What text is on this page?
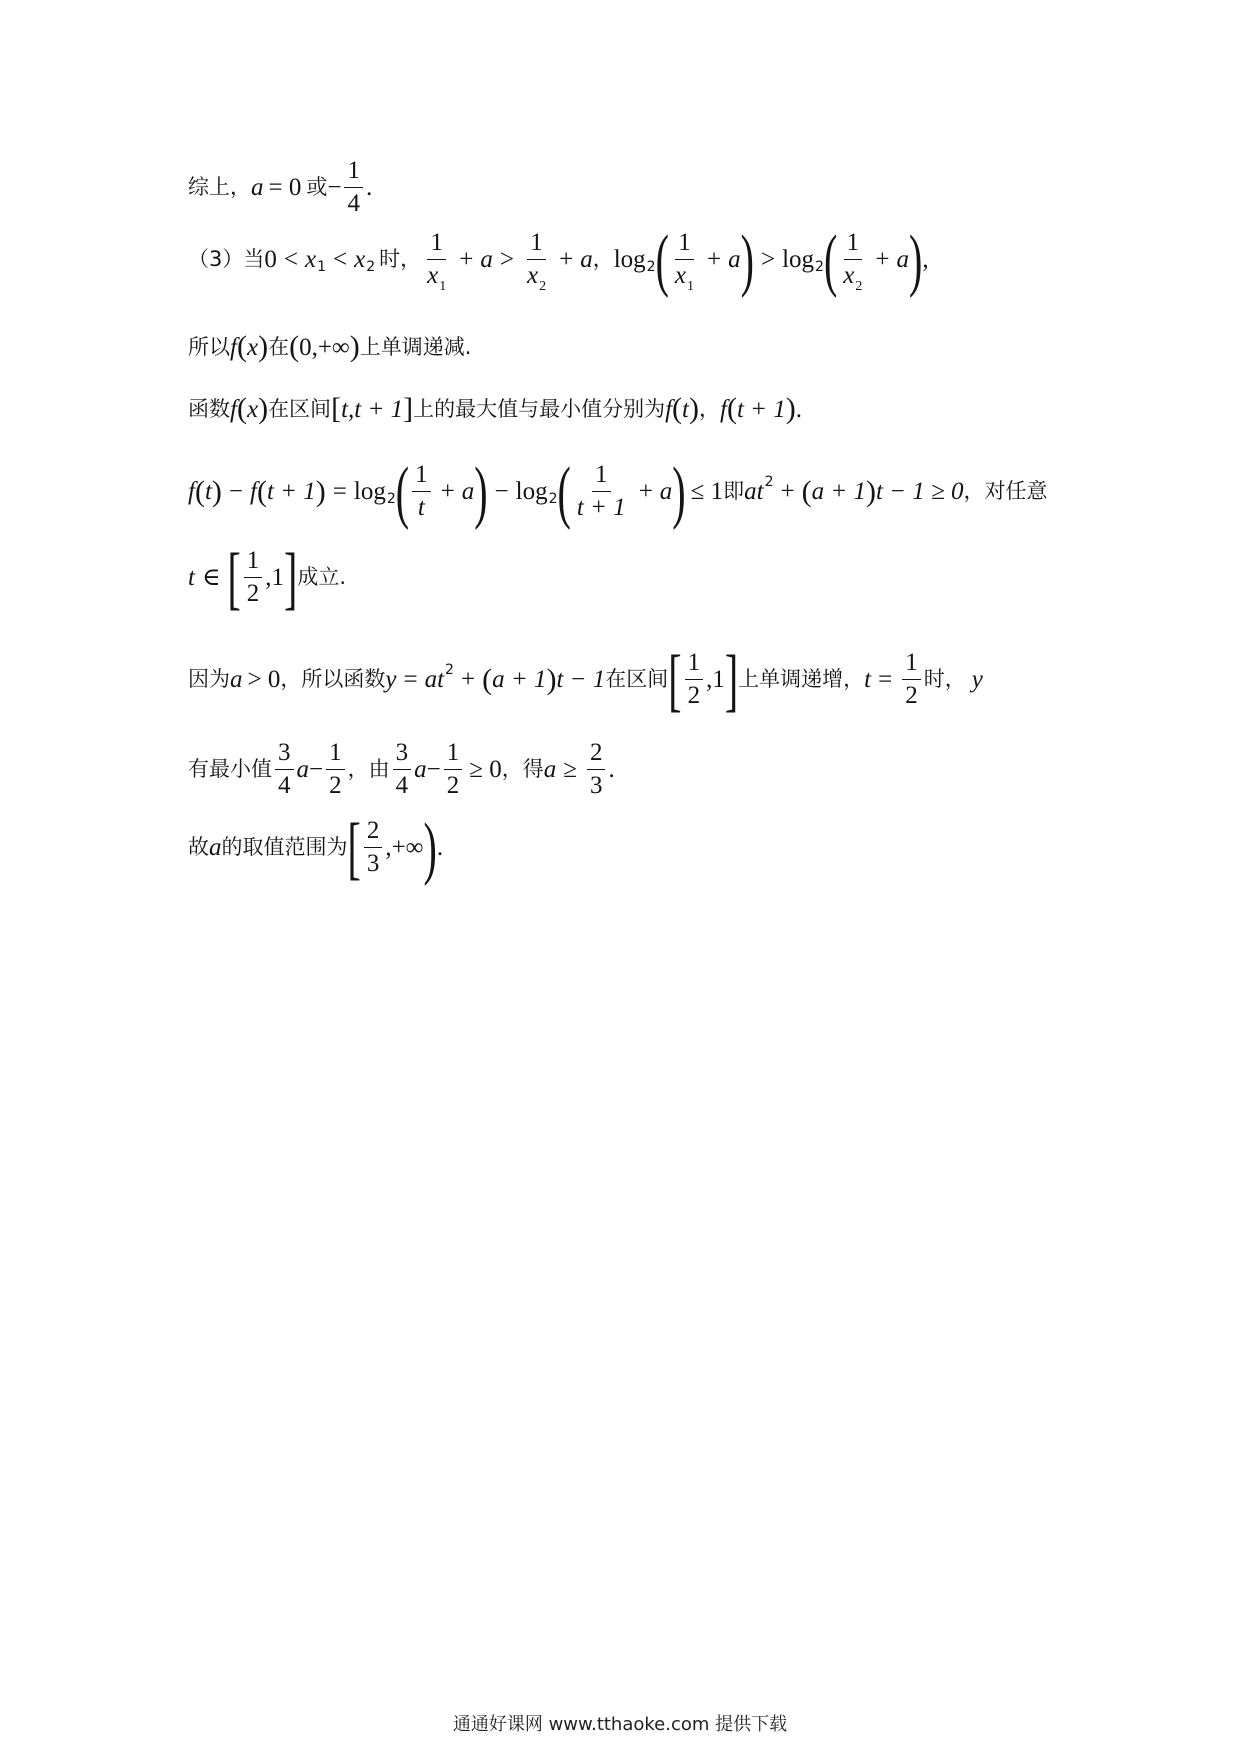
综上， a = 0 或 − $\frac{1}{4}$ .
（3）当 0 < x 1 < x 2 时， $\frac{1}{x_1} + a > \frac{1}{x_2} + a$ ， log 2 ( $\frac{1}{x_1} + a$ ) > log 2 ( $\frac{1}{x_2} + a$ ) ,
所以 f ( x ) 在 ( 0,+∞ ) 上单调递减.
函数 f ( x ) 在区间 [ t,t + 1 ] 上的最大值与最小值分别为 f ( t ) ， f ( t + 1 ) .
f ( t ) − f ( t + 1 ) = log 2 ( $\frac{1}{t} + a$ ) − log 2 ( $\frac{1}{t + 1} + a$ ) ≤ 1 即 at 2 + ( a + 1 ) t − 1 ≥ 0 ，对任意
t ∈ [ $\frac{1}{2} ,1$ ] 成立.
因为 a > 0 ，所以函数 y = at 2 + ( a + 1 ) t − 1 在区间 [ $\frac{1}{2} ,1$ ] 上单调递增， $t = \frac{1}{2}$ 时， y
有最小值 $\frac{3}{4}$ $a - \frac{1}{2}$ ，由 $\frac{3}{4}$ $a - \frac{1}{2} \ge 0$ ，得 $a \ge \frac{2}{3}$ .
故 a 的取值范围为 [ $\frac{2}{3}$ ,+∞ ) .
通通好课网 www.tthaoke.com 提供下载
